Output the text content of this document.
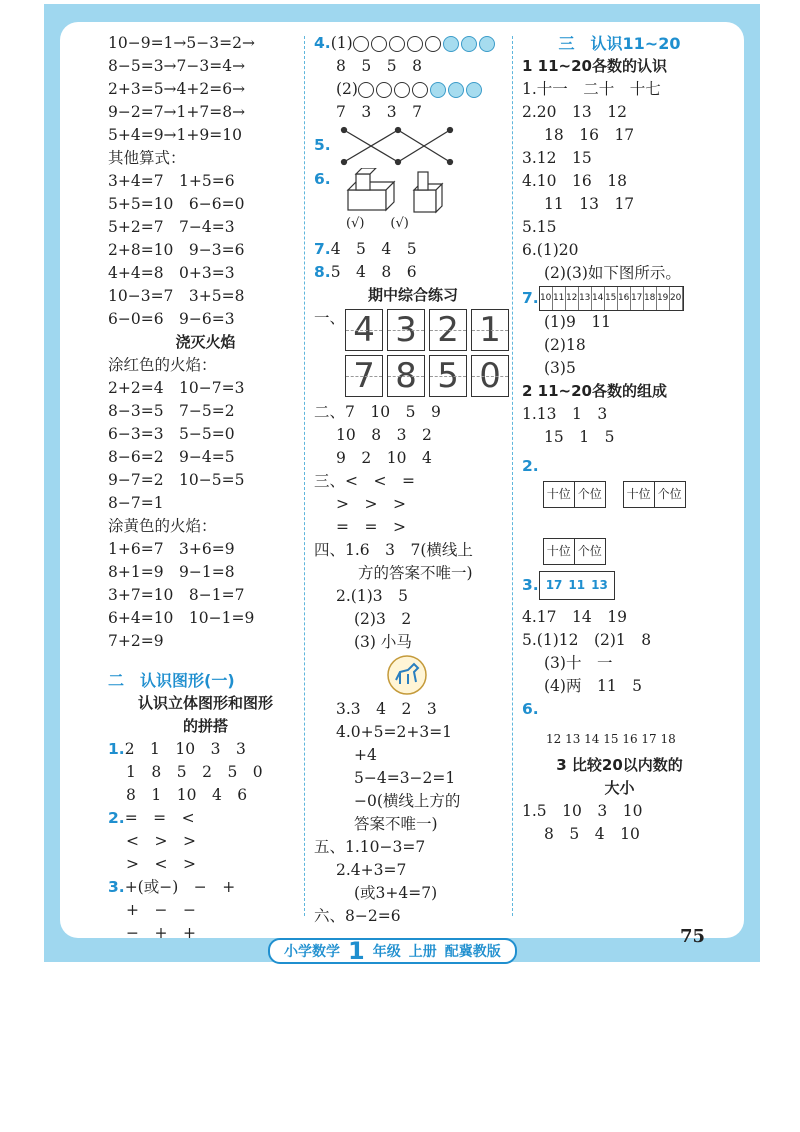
10−9=1→5−3=2→
8−5=3→7−3=4→
2+3=5→4+2=6→
9−2=7→1+7=8→
5+4=9→1+9=10
其他算式：
3+4=7　1+5=6
5+5=10　6−6=0
5+2=7　7−4=3
2+8=10　9−3=6
4+4=8　0+3=3
10−3=7　3+5=8
6−0=6　9−6=3
浇灭火焰
涂红色的火焰：
2+2=4　10−7=3
8−3=5　7−5=2
6−3=3　5−5=0
8−6=2　9−4=5
9−7=2　10−5=5
8−7=1
涂黄色的火焰：
1+6=7　3+6=9
8+1=9　9−1=8
3+7=10　8−1=7
6+4=10　10−1=9
7+2=9
二　认识图形(一)
认识立体图形和图形
的拼搭
1.2　1　10　3　3
1　8　5　2　5　0
8　1　10　4　6
2.=　=　<
<　>　>
>　<　>
3.+(或−)　−　+
+　−　−
−　+　+
4.(1)
8　5　5　8
(2)
7　3　3　7
5.
6.
(√)　　(√)
7.4　5　4　5
8.5　4　8　6
期中综合练习
一、 4 3 2 1
7 8 5 0
二、7　10　5　9
10　8　3　2
9　2　10　4
三、<　<　=
>　>　>
=　=　>
四、1.6　3　7(横线上
方的答案不唯一)
2.(1)3　5
(2)3　2
(3) 小马
3.3　4　2　3
4.0+5=2+3=1
+4
5−4=3−2=1
−0(横线上方的
答案不唯一)
五、1.10−3=7
2.4+3=7
(或3+4=7)
六、8−2=6
三　认识11~20
1 11~20各数的认识
1.十一　二十　十七
2.20　13　12
18　16　17
3.12　15
4.10　16　18
11　13　17
5.15
6.(1)20
(2)(3)如下图所示。
7. 10 11 12 13 14 15 16 17 18 19 20
(1)9　11
(2)18
(3)5
2 11~20各数的组成
1.13　1　3
15　1　5
2.
十位 个位
十位 个位

十位 个位
3. 17 11 13
4.17　14　19
5.(1)12　(2)1　8
(3)十　一
(4)两　11　5
6.
12 13 14 15 16 17 18
3 比较20以内数的
大小
1.5　10　3　10
8　5　4　10
小学数学 1 年级 上册 配冀教版
75
